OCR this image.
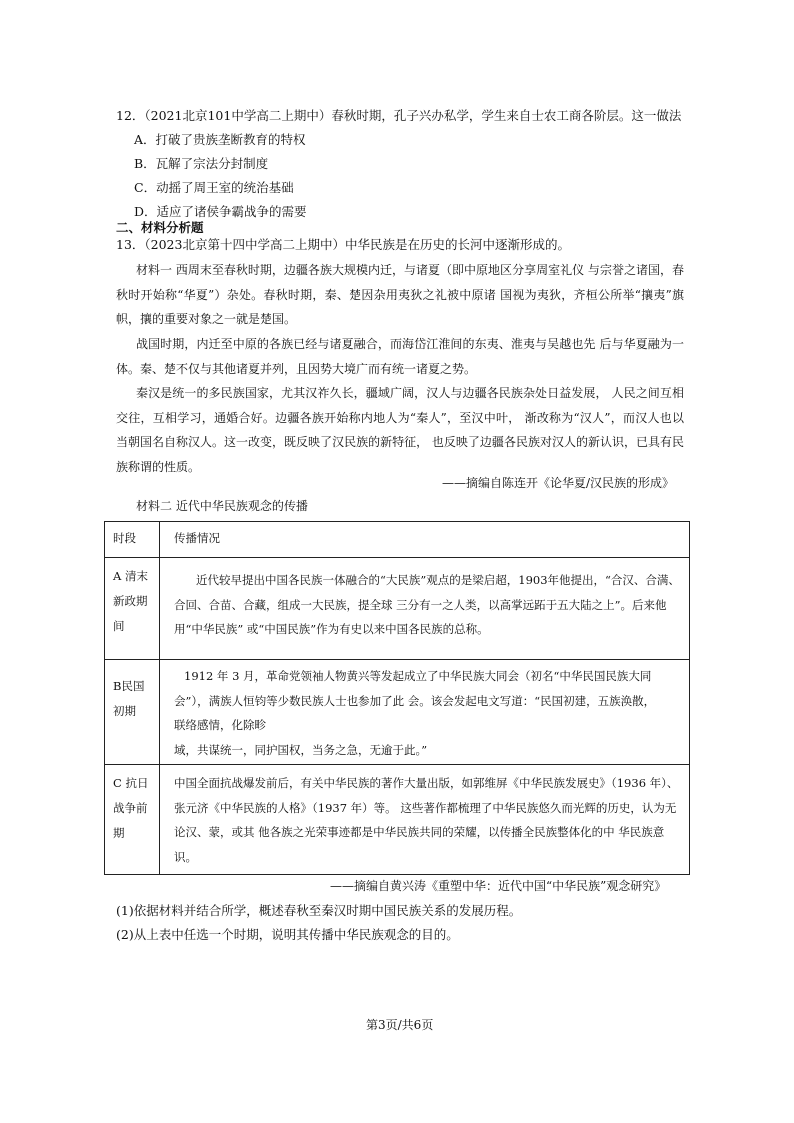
12．（2021北京101中学高二上期中）春秋时期，孔子兴办私学，学生来自士农工商各阶层。这一做法
A．打破了贵族垄断教育的特权
B．瓦解了宗法分封制度
C．动摇了周王室的统治基础
D．适应了诸侯争霸战争的需要
二、材料分析题
13．（2023北京第十四中学高二上期中）中华民族是在历史的长河中逐渐形成的。
材料一 西周末至春秋时期，边疆各族大规模内迁，与诸夏（即中原地区分享周室礼仪 与宗誉之诸国，春秋时开始称“华夏”）杂处。春秋时期，秦、楚因杂用夷狄之礼被中原诸 国视为夷狄，齐桓公所举“攘夷”旗帜，攘的重要对象之一就是楚国。
战国时期，内迁至中原的各族已经与诸夏融合，而海岱江淮间的东夷、淮夷与吴越也先 后与华夏融为一体。秦、楚不仅与其他诸夏并列，且因势大境广而有统一诸夏之势。
秦汉是统一的多民族国家，尤其汉祚久长，疆域广阔，汉人与边疆各民族杂处日益发展， 人民之间互相交往，互相学习，通婚合好。边疆各族开始称内地人为“秦人”，至汉中叶， 渐改称为“汉人”，而汉人也以当朝国名自称汉人。这一改变，既反映了汉民族的新特征， 也反映了边疆各民族对汉人的新认识，已具有民族称谓的性质。
——摘编自陈连开《论华夏/汉民族的形成》
材料二 近代中华民族观念的传播
时段	传播情况
A 清末新政期间	近代较早提出中国各民族一体融合的“大民族”观点的是梁启超，1903年他提出，“合汉、合满、合回、合苗、合藏，组成一大民族，提全球 三分有一之人类，以高掌远跖于五大陆之上”。后来他用“中华民族” 或“中国民族”作为有史以来中国各民族的总称。
B民国初期	1912 年 3 月，革命党领袖人物黄兴等发起成立了中华民族大同会（初名“中华民国民族大同
会”），满族人恒钧等少数民族人士也参加了此 会。该会发起电文写道：“民国初建，五族涣散，
联络感情，化除畛
域，共谋统一，同护国权，当务之急，无逾于此。”

C 抗日战争前期	中国全面抗战爆发前后，有关中华民族的著作大量出版，如郭维屏《中华民族发展史》（1936 年）、张元济《中华民族的人格》（1937 年）等。 这些著作都梳理了中华民族悠久而光辉的历史，认为无论汉、蒙，或其 他各族之光荣事迹都是中华民族共同的荣耀，以传播全民族整体化的中 华民族意识。
——摘编自黄兴涛《重塑中华：近代中国“中华民族”观念研究》
(1)依据材料并结合所学，概述春秋至秦汉时期中国民族关系的发展历程。
(2)从上表中任选一个时期，说明其传播中华民族观念的目的。
第3页/共6页
